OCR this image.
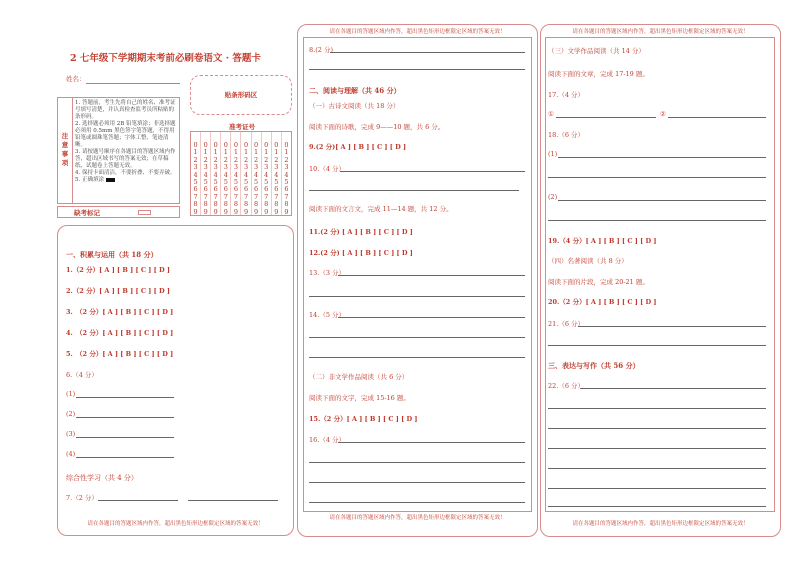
2 七年级下学期期末考前必刷卷语文 · 答题卡
姓名：
贴条形码区
注意事项
1. 答题前，考生先将自己的姓名、准考证号填写清楚，并认真检查监考员所粘贴的条形码。
2. 选择题必须用 2B 铅笔填涂；非选择题必须用 0.5mm 黑色签字笔答题，不得用铅笔或圆珠笔答题；字体工整、笔迹清晰。
3. 请按题号顺序在各题目的答题区域内作答，超出区域书写的答案无效；在草稿纸、试题卷上答题无效。
4. 保持卡面清洁，不要折叠、不要弄破。
5. 正确填涂
准考证号
0
1
2
3
4
5
6
7
8
9
0
1
2
3
4
5
6
7
8
9
0
1
2
3
4
5
6
7
8
9
0
1
2
3
4
5
6
7
8
9
0
1
2
3
4
5
6
7
8
9
0
1
2
3
4
5
6
7
8
9
0
1
2
3
4
5
6
7
8
9
0
1
2
3
4
5
6
7
8
9
0
1
2
3
4
5
6
7
8
9
0
1
2
3
4
5
6
7
8
9
缺考标记
一、积累与运用（共 18 分）
1.（2 分）[ A ] [ B ] [ C ] [ D ]
2.（2 分）[ A ] [ B ] [ C ] [ D ]
3.　（2 分）[ A ] [ B ] [ C ] [ D ]
4.　（2 分）[ A ] [ B ] [ C ] [ D ]
5.　（2 分）[ A ] [ B ] [ C ] [ D ]
6.（4 分）
(1)
(2)
(3)
(4)
综合性学习（共 4 分）
7.（2 分）
请在各题目的答题区域内作答，超出黑色矩形边框限定区域的答案无效！
请在各题目的答题区域内作答，超出黑色矩形边框限定区域的答案无效！
8.(2 分)
二、阅读与理解（共 46 分）
（一）古诗文阅读（共 18 分）
阅读下面的诗歌，完成 9——10 题，共 6 分。
9.(2 分)[ A ] [ B ] [ C ] [ D ]
10.（4 分）
阅读下面的文言文，完成 11—14 题，共 12 分。
11.(2 分) [ A ] [ B ] [ C ] [ D ]
12.(2 分) [ A ] [ B ] [ C ] [ D ]
13.（3 分）
14.（5 分）
（二）非文学作品阅读（共 6 分）
阅读下面的文字，完成 15-16 题。
15.（2 分）[ A ] [ B ] [ C ] [ D ]
16.（4 分）
请在各题目的答题区域内作答，超出黑色矩形边框限定区域的答案无效！
请在各题目的答题区域内作答，超出黑色矩形边框限定区域的答案无效！
（三）文学作品阅读（共 14 分）
阅读下面的文章，完成 17-19 题。
17.（4 分）
①	②
18.（6 分）
(1)
(2)
19.（4 分）[ A ] [ B ] [ C ] [ D ]
（四）名著阅读（共 8 分）
阅读下面的片段，完成 20-21 题。
20.（2 分）[ A ] [ B ] [ C ] [ D ]
21.（6 分）
三、表达与写作（共 56 分）
22.（6 分）
请在各题目的答题区域内作答，超出黑色矩形边框限定区域的答案无效！
